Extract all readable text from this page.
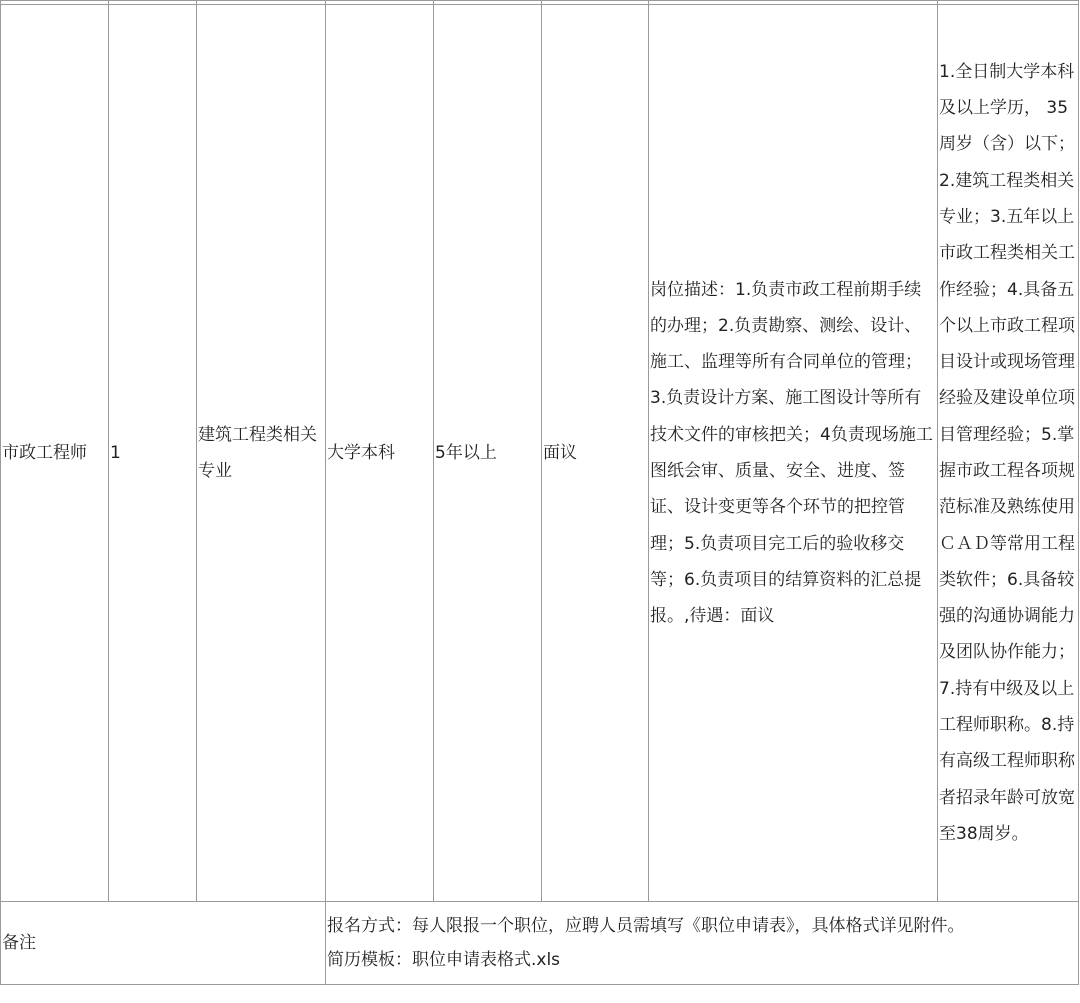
市政工程师	1	建筑工程类相关专业	大学本科	5年以上	面议	岗位描述：1.负责市政工程前期手续的办理；2.负责勘察、测绘、设计、施工、监理等所有合同单位的管理；3.负责设计方案、施工图设计等所有技术文件的审核把关；4负责现场施工图纸会审、质量、安全、进度、签证、设计变更等各个环节的把控管理；5.负责项目完工后的验收移交等；6.负责项目的结算资料的汇总提报。,待遇：面议	1.全日制大学本科及以上学历， 35周岁（含）以下；2.建筑工程类相关专业；3.五年以上市政工程类相关工作经验；4.具备五个以上市政工程项目设计或现场管理经验及建设单位项目管理经验；5.掌握市政工程各项规范标准及熟练使用ＣＡＤ等常用工程类软件；6.具备较强的沟通协调能力及团队协作能力；7.持有中级及以上工程师职称。8.持有高级工程师职称者招录年龄可放宽至38周岁。

备注			报名方式：每人限报一个职位，应聘人员需填写《职位申请表》，具体格式详见附件。
简历模板：职位申请表格式.xls				
